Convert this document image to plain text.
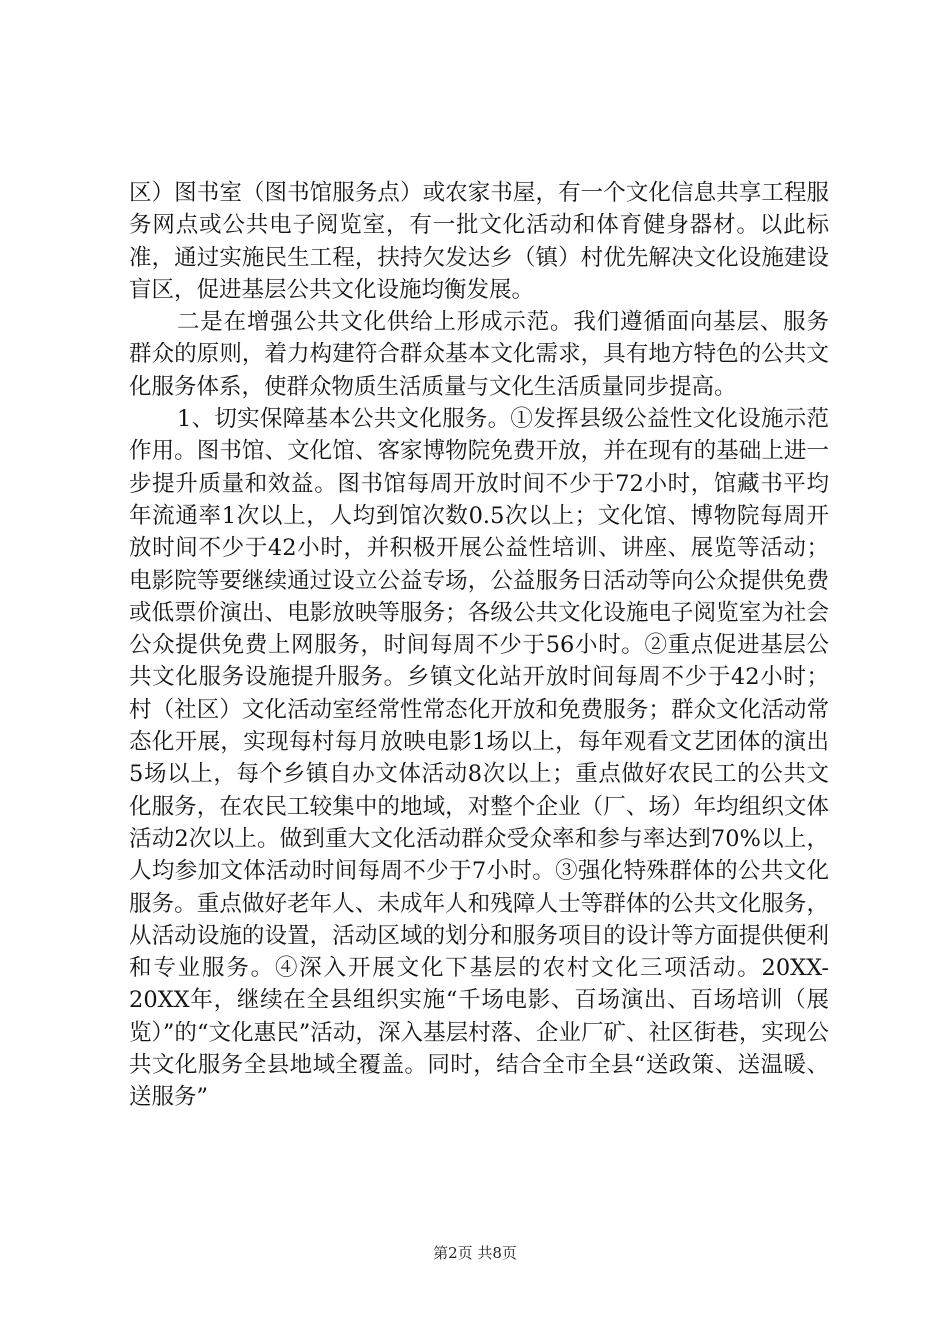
区）图书室（图书馆服务点）或农家书屋，有一个文化信息共享工程服务网点或公共电子阅览室，有一批文化活动和体育健身器材。以此标准，通过实施民生工程，扶持欠发达乡（镇）村优先解决文化设施建设盲区，促进基层公共文化设施均衡发展。

二是在增强公共文化供给上形成示范。我们遵循面向基层、服务群众的原则，着力构建符合群众基本文化需求，具有地方特色的公共文化服务体系，使群众物质生活质量与文化生活质量同步提高。

1、切实保障基本公共文化服务。①发挥县级公益性文化设施示范作用。图书馆、文化馆、客家博物院免费开放，并在现有的基础上进一步提升质量和效益。图书馆每周开放时间不少于72小时，馆藏书平均年流通率1次以上，人均到馆次数0.5次以上；文化馆、博物院每周开放时间不少于42小时，并积极开展公益性培训、讲座、展览等活动；电影院等要继续通过设立公益专场，公益服务日活动等向公众提供免费或低票价演出、电影放映等服务；各级公共文化设施电子阅览室为社会公众提供免费上网服务，时间每周不少于56小时。②重点促进基层公共文化服务设施提升服务。乡镇文化站开放时间每周不少于42小时；村（社区）文化活动室经常性常态化开放和免费服务；群众文化活动常态化开展，实现每村每月放映电影1场以上，每年观看文艺团体的演出5场以上，每个乡镇自办文体活动8次以上；重点做好农民工的公共文化服务，在农民工较集中的地域，对整个企业（厂、场）年均组织文体活动2次以上。做到重大文化活动群众受众率和参与率达到70%以上，人均参加文体活动时间每周不少于7小时。③强化特殊群体的公共文化服务。重点做好老年人、未成年人和残障人士等群体的公共文化服务，从活动设施的设置，活动区域的划分和服务项目的设计等方面提供便利和专业服务。④深入开展文化下基层的农村文化三项活动。20XX-20XX年，继续在全县组织实施“千场电影、百场演出、百场培训（展览）”的“文化惠民”活动，深入基层村落、企业厂矿、社区街巷，实现公共文化服务全县地域全覆盖。同时，结合全市全县“送政策、送温暖、送服务”

第2页 共8页
